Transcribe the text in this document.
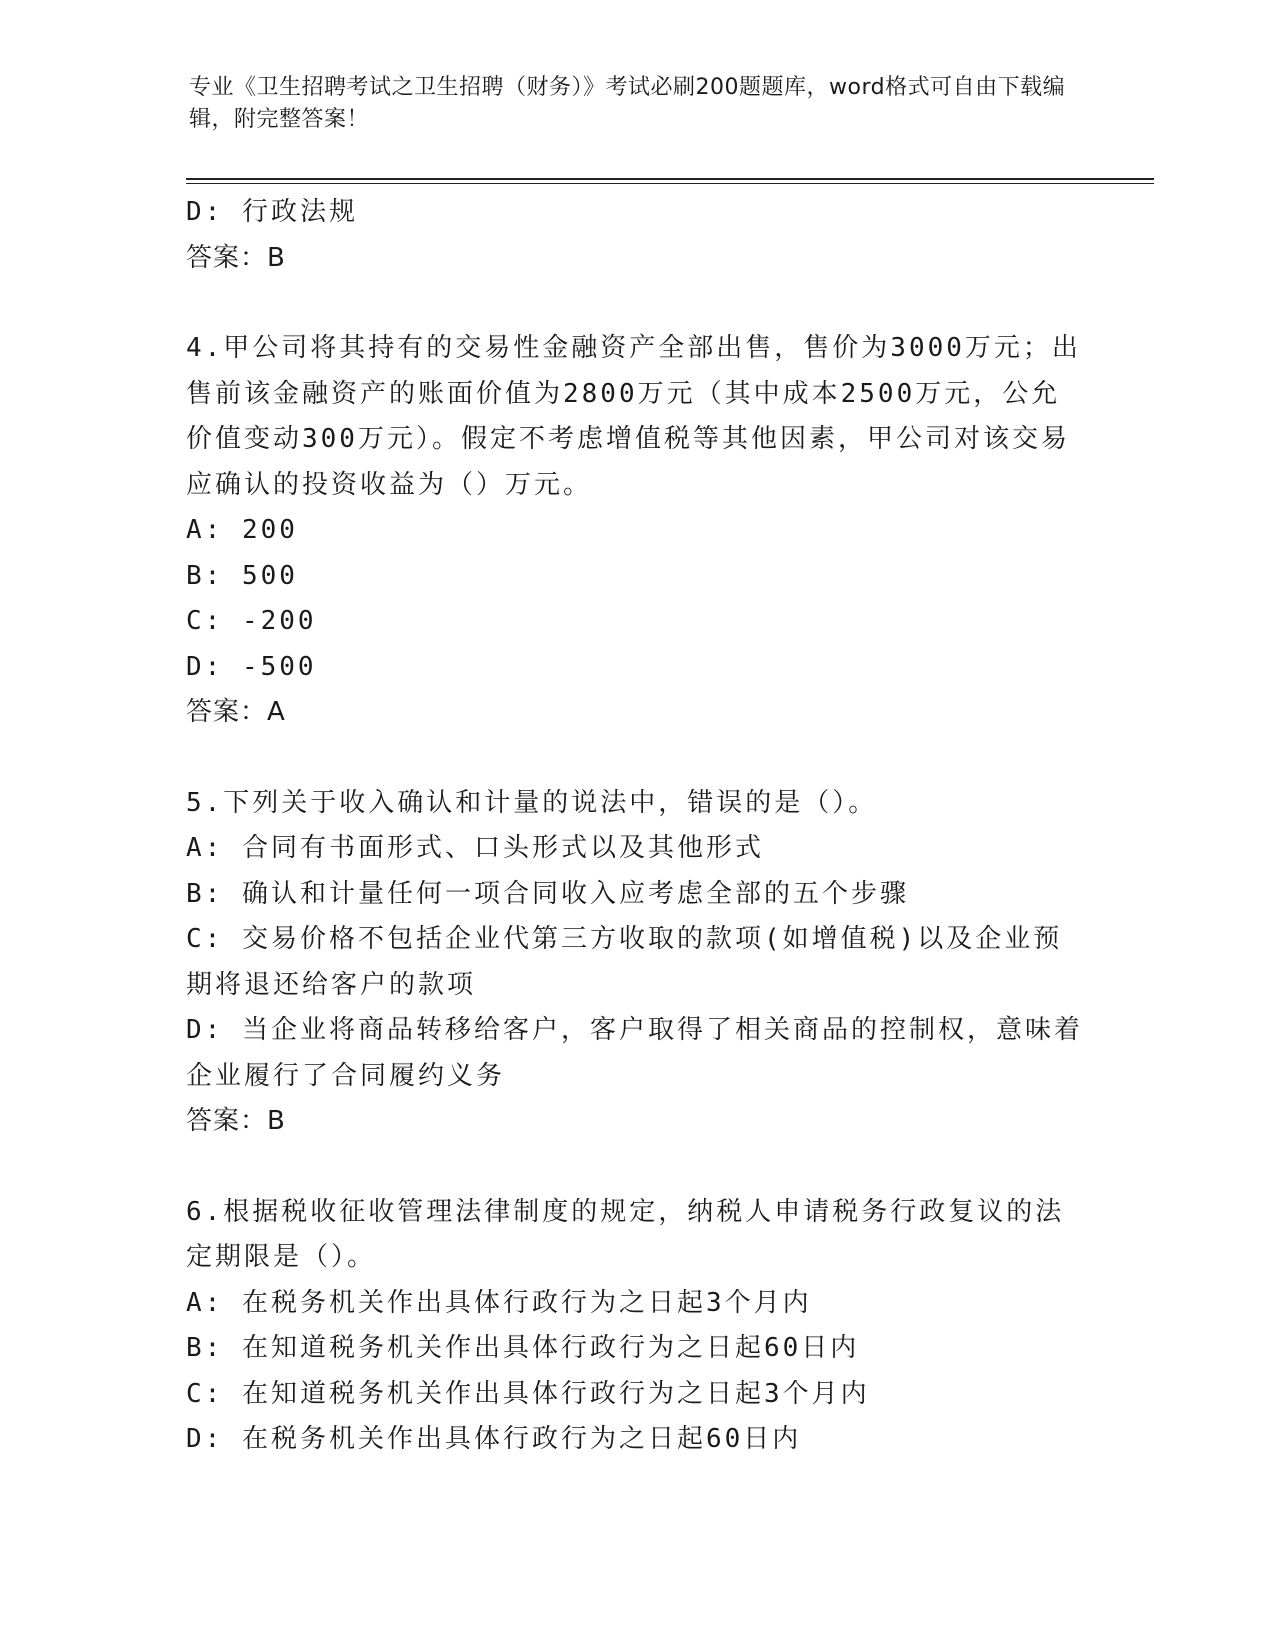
专业《卫生招聘考试之卫生招聘（财务）》考试必刷200题题库，word格式可自由下载编辑，附完整答案！
D: 行政法规
答案：B
4.甲公司将其持有的交易性金融资产全部出售，售价为3000万元；出售前该金融资产的账面价值为2800万元（其中成本2500万元，公允价值变动300万元）。假定不考虑增值税等其他因素，甲公司对该交易应确认的投资收益为（）万元。
A: 200
B: 500
C: -200
D: -500
答案：A
5.下列关于收入确认和计量的说法中，错误的是（）。
A: 合同有书面形式、口头形式以及其他形式
B: 确认和计量任何一项合同收入应考虑全部的五个步骤
C: 交易价格不包括企业代第三方收取的款项(如增值税)以及企业预期将退还给客户的款项
D: 当企业将商品转移给客户，客户取得了相关商品的控制权，意味着企业履行了合同履约义务
答案：B
6.根据税收征收管理法律制度的规定，纳税人申请税务行政复议的法定期限是（）。
A: 在税务机关作出具体行政行为之日起3个月内
B: 在知道税务机关作出具体行政行为之日起60日内
C: 在知道税务机关作出具体行政行为之日起3个月内
D: 在税务机关作出具体行政行为之日起60日内
